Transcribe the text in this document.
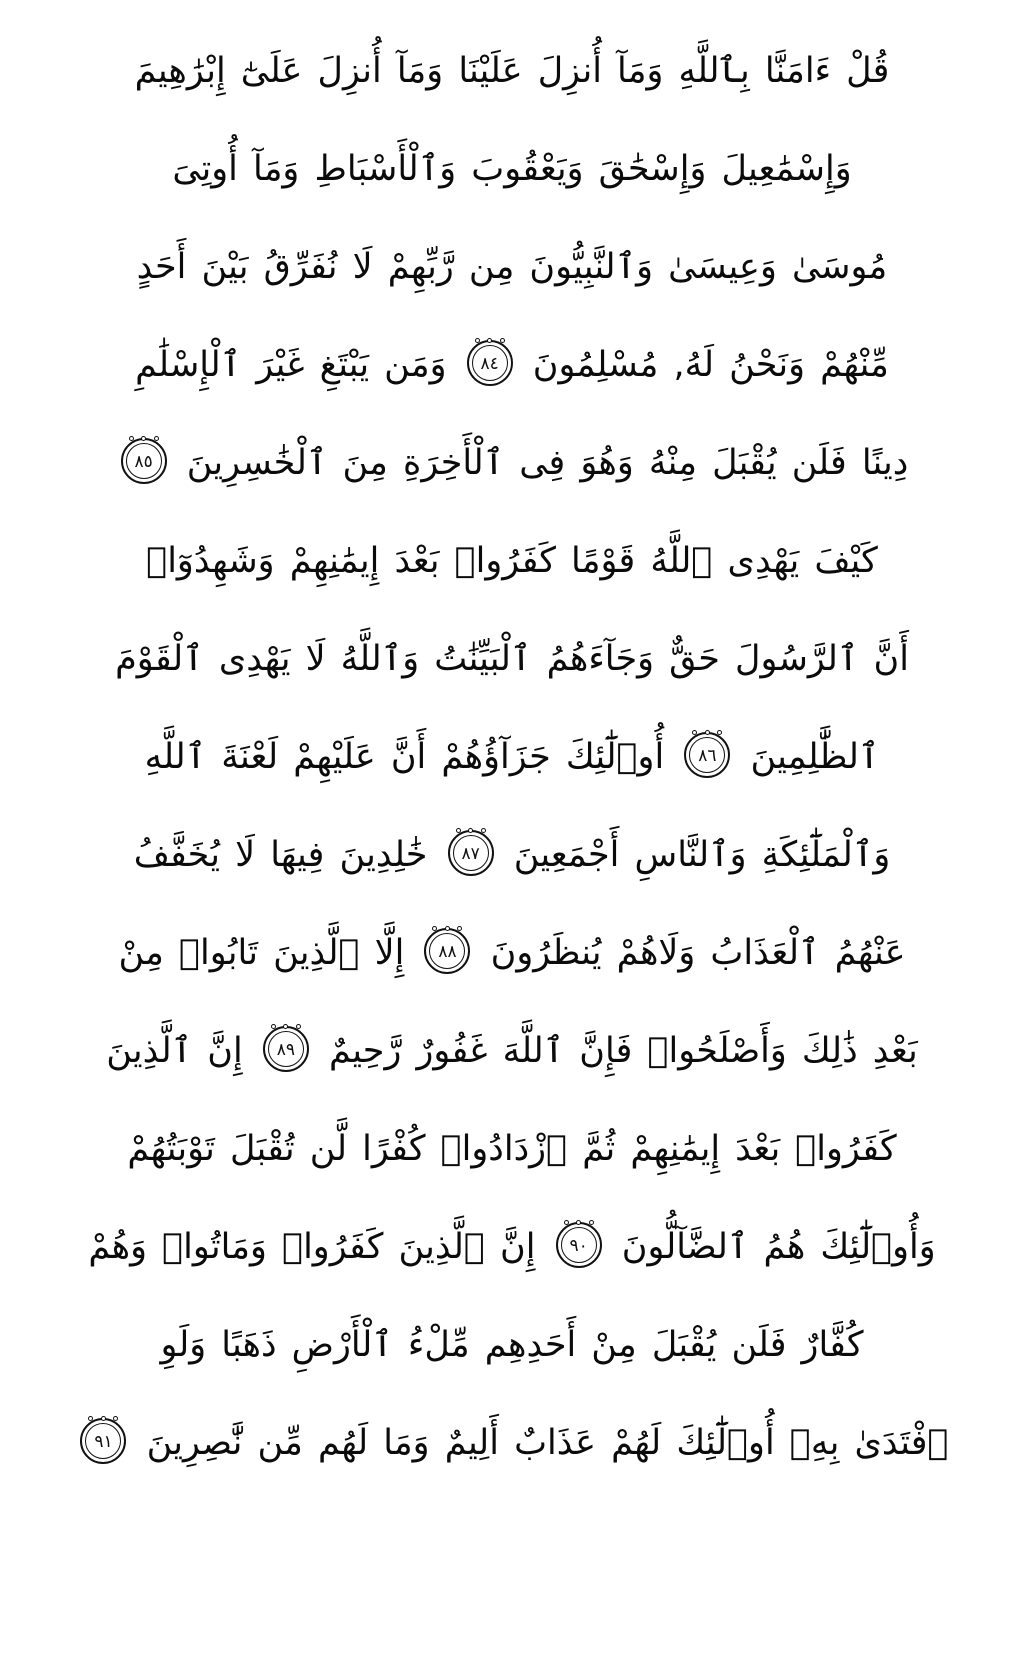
قُلْ ءَامَنَّا بِٱللَّهِ وَمَآ أُنزِلَ عَلَيْنَا وَمَآ أُنزِلَ عَلَىٰٓ إِبْرَٰهِيمَ
وَإِسْمَٰعِيلَ وَإِسْحَٰقَ وَيَعْقُوبَ وَٱلْأَسْبَاطِ وَمَآ أُوتِىَ
مُوسَىٰ وَعِيسَىٰ وَٱلنَّبِيُّونَ مِن رَّبِّهِمْ لَا نُفَرِّقُ بَيْنَ أَحَدٍ
مِّنْهُمْ وَنَحْنُ لَهُ, مُسْلِمُونَ
٨٤
وَمَن يَبْتَغِ غَيْرَ ٱلْإِسْلَٰمِ
دِينًا فَلَن يُقْبَلَ مِنْهُ وَهُوَ فِى ٱلْأَخِرَةِ مِنَ ٱلْخَٰسِرِينَ
٨٥
كَيْفَ يَهْدِى ٱللَّهُ قَوْمًا كَفَرُوا۟ بَعْدَ إِيمَٰنِهِمْ وَشَهِدُوٓا۟
أَنَّ ٱلرَّسُولَ حَقٌّ وَجَآءَهُمُ ٱلْبَيِّنَٰتُ وَٱللَّهُ لَا يَهْدِى ٱلْقَوْمَ
ٱلظَّٰلِمِينَ
٨٦
أُو۟لَٰٓئِكَ جَزَآؤُهُمْ أَنَّ عَلَيْهِمْ لَعْنَةَ ٱللَّهِ
وَٱلْمَلَٰٓئِكَةِ وَٱلنَّاسِ أَجْمَعِينَ
٨٧
خَٰلِدِينَ فِيهَا لَا يُخَفَّفُ
عَنْهُمُ ٱلْعَذَابُ وَلَاهُمْ يُنظَرُونَ
٨٨
إِلَّا ٱلَّذِينَ تَابُوا۟ مِنْ
بَعْدِ ذَٰلِكَ وَأَصْلَحُوا۟ فَإِنَّ ٱللَّهَ غَفُورٌ رَّحِيمٌ
٨٩
إِنَّ ٱلَّذِينَ
كَفَرُوا۟ بَعْدَ إِيمَٰنِهِمْ ثُمَّ ٱزْدَادُوا۟ كُفْرًا لَّن تُقْبَلَ تَوْبَتُهُمْ
وَأُو۟لَٰٓئِكَ هُمُ ٱلضَّآلُّونَ
٩٠
إِنَّ ٱلَّذِينَ كَفَرُوا۟ وَمَاتُوا۟ وَهُمْ
كُفَّارٌ فَلَن يُقْبَلَ مِنْ أَحَدِهِم مِّلْءُ ٱلْأَرْضِ ذَهَبًا وَلَوِ
ٱفْتَدَىٰ بِهِۗ أُو۟لَٰٓئِكَ لَهُمْ عَذَابٌ أَلِيمٌ وَمَا لَهُم مِّن نَّٰصِرِينَ
٩١
